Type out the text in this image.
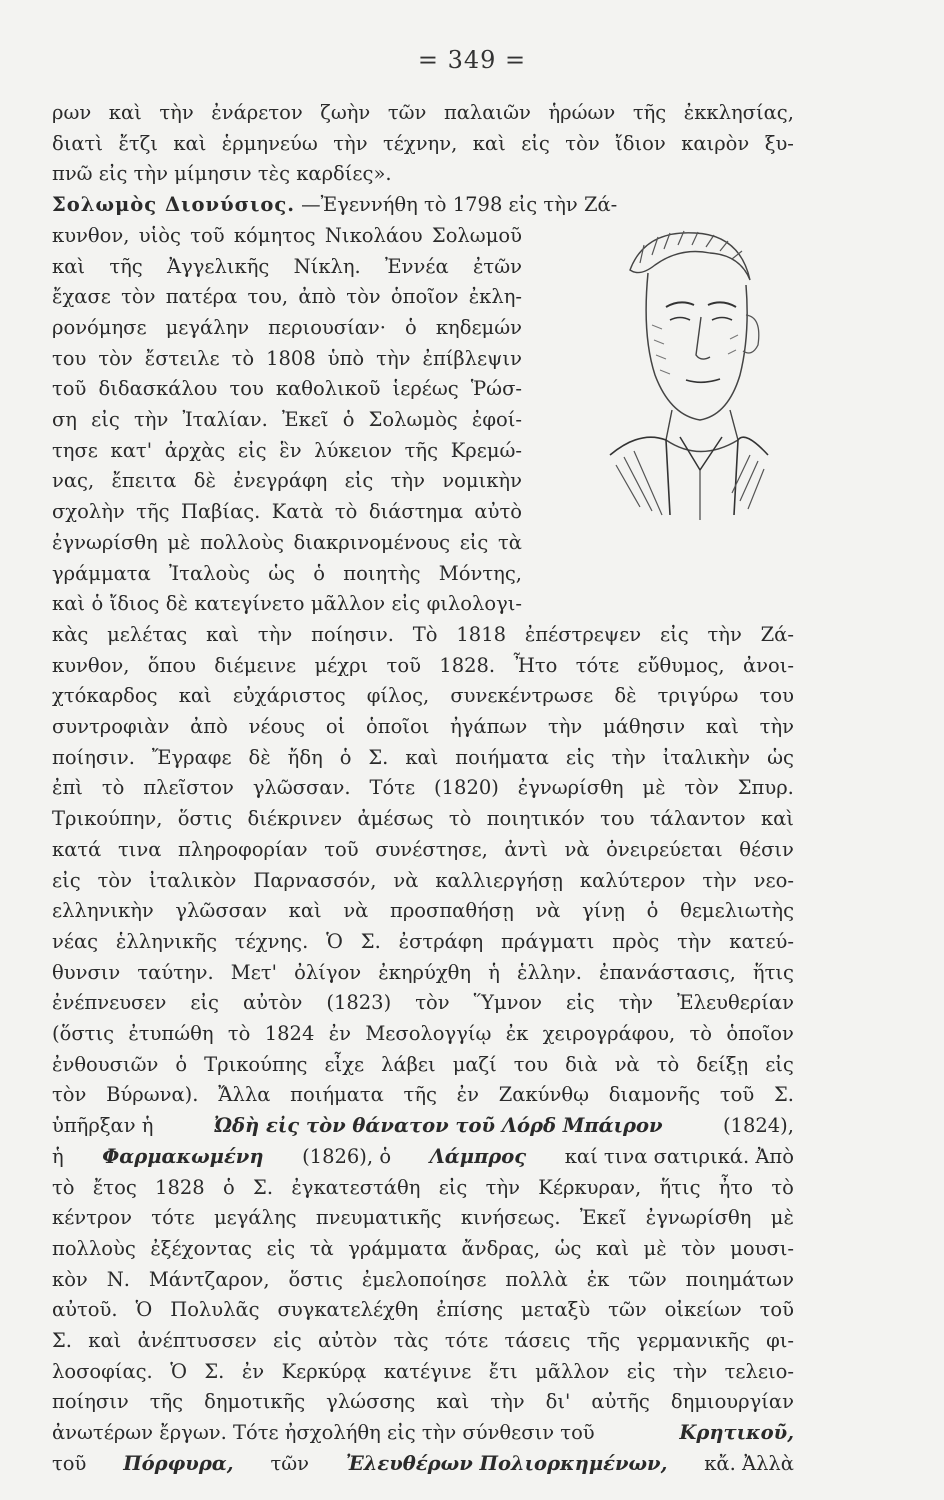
= 349 =
ρων καὶ τὴν ἐνάρετον ζωὴν τῶν παλαιῶν ἡρώων τῆς ἐκκλησίας,
διατὶ ἔτζι καὶ ἑρμηνεύω τὴν τέχνην, καὶ εἰς τὸν ἴδιον καιρὸν ξυ-
πνῶ εἰς τὴν μίμησιν τὲς καρδίες».
Σολωμὸς Διονύσιος. —Ἐγεννήθη τὸ 1798 εἰς τὴν Ζά-
κυνθον, υἱὸς τοῦ κόμητος Νικολάου Σολωμοῦ
καὶ τῆς Ἀγγελικῆς Νίκλη. Ἐννέα ἐτῶν
ἔχασε τὸν πατέρα του, ἀπὸ τὸν ὁποῖον ἐκλη-
ρονόμησε μεγάλην περιουσίαν· ὁ κηδεμών
του τὸν ἔστειλε τὸ 1808 ὑπὸ τὴν ἐπίβλεψιν
τοῦ διδασκάλου του καθολικοῦ ἱερέως Ῥώσ-
ση εἰς τὴν Ἰταλίαν. Ἐκεῖ ὁ Σολωμὸς ἐφοί-
τησε κατ' ἀρχὰς εἰς ἓν λύκειον τῆς Κρεμώ-
νας, ἔπειτα δὲ ἐνεγράφη εἰς τὴν νομικὴν
σχολὴν τῆς Παβίας. Κατὰ τὸ διάστημα αὐτὸ
ἐγνωρίσθη μὲ πολλοὺς διακρινομένους εἰς τὰ
γράμματα Ἰταλοὺς ὡς ὁ ποιητὴς Μόντης,
καὶ ὁ ἴδιος δὲ κατεγίνετο μᾶλλον εἰς φιλολογι-
κὰς μελέτας καὶ τὴν ποίησιν. Τὸ 1818 ἐπέστρεψεν εἰς τὴν Ζά-
κυνθον, ὅπου διέμεινε μέχρι τοῦ 1828. Ἦτο τότε εὔθυμος, ἀνοι-
χτόκαρδος καὶ εὐχάριστος φίλος, συνεκέντρωσε δὲ τριγύρω του
συντροφιὰν ἀπὸ νέους οἱ ὁποῖοι ἠγάπων τὴν μάθησιν καὶ τὴν
ποίησιν. Ἔγραφε δὲ ἤδη ὁ Σ. καὶ ποιήματα εἰς τὴν ἰταλικὴν ὡς
ἐπὶ τὸ πλεῖστον γλῶσσαν. Τότε (1820) ἐγνωρίσθη μὲ τὸν Σπυρ.
Τρικούπην, ὅστις διέκρινεν ἀμέσως τὸ ποιητικόν του τάλαντον καὶ
κατά τινα πληροφορίαν τοῦ συνέστησε, ἀντὶ νὰ ὀνειρεύεται θέσιν
εἰς τὸν ἰταλικὸν Παρνασσόν, νὰ καλλιεργήσῃ καλύτερον τὴν νεο-
ελληνικὴν γλῶσσαν καὶ νὰ προσπαθήσῃ νὰ γίνῃ ὁ θεμελιωτὴς
νέας ἑλληνικῆς τέχνης. Ὁ Σ. ἐστράφη πράγματι πρὸς τὴν κατεύ-
θυνσιν ταύτην. Μετ' ὀλίγον ἐκηρύχθη ἡ ἑλλην. ἐπανάστασις, ἥτις
ἐνέπνευσεν εἰς αὐτὸν (1823) τὸν Ὕμνον εἰς τὴν Ἐλευθερίαν
(ὅστις ἐτυπώθη τὸ 1824 ἐν Μεσολογγίῳ ἐκ χειρογράφου, τὸ ὁποῖον
ἐνθουσιῶν ὁ Τρικούπης εἶχε λάβει μαζί του διὰ νὰ τὸ δείξῃ εἰς
τὸν Βύρωνα). Ἄλλα ποιήματα τῆς ἐν Ζακύνθῳ διαμονῆς τοῦ Σ.
ὑπῆρξαν ἡ	Ὠδὴ εἰς τὸν θάνατον τοῦ Λόρδ Μπάιρον	(1824),
ἡ Φαρμακωμένη (1826), ὁ Λάμπρος καί τινα σατιρικά. Ἀπὸ
τὸ ἔτος 1828 ὁ Σ. ἐγκατεστάθη εἰς τὴν Κέρκυραν, ἥτις ἦτο τὸ
κέντρον τότε μεγάλης πνευματικῆς κινήσεως. Ἐκεῖ ἐγνωρίσθη μὲ
πολλοὺς ἐξέχοντας εἰς τὰ γράμματα ἄνδρας, ὡς καὶ μὲ τὸν μουσι-
κὸν Ν. Μάντζαρον, ὅστις ἐμελοποίησε πολλὰ ἐκ τῶν ποιημάτων
αὐτοῦ. Ὁ Πολυλᾶς συγκατελέχθη ἐπίσης μεταξὺ τῶν οἰκείων τοῦ
Σ. καὶ ἀνέπτυσσεν εἰς αὐτὸν τὰς τότε τάσεις τῆς γερμανικῆς φι-
λοσοφίας. Ὁ Σ. ἐν Κερκύρᾳ κατέγινε ἔτι μᾶλλον εἰς τὴν τελειο-
ποίησιν τῆς δημοτικῆς γλώσσης καὶ τὴν δι' αὐτῆς δημιουργίαν
ἀνωτέρων ἔργων. Τότε ἠσχολήθη εἰς τὴν σύνθεσιν τοῦ	Κρητικοῦ,
τοῦ Πόρφυρα, τῶν Ἐλευθέρων Πολιορκημένων, κἄ. Ἀλλὰ
